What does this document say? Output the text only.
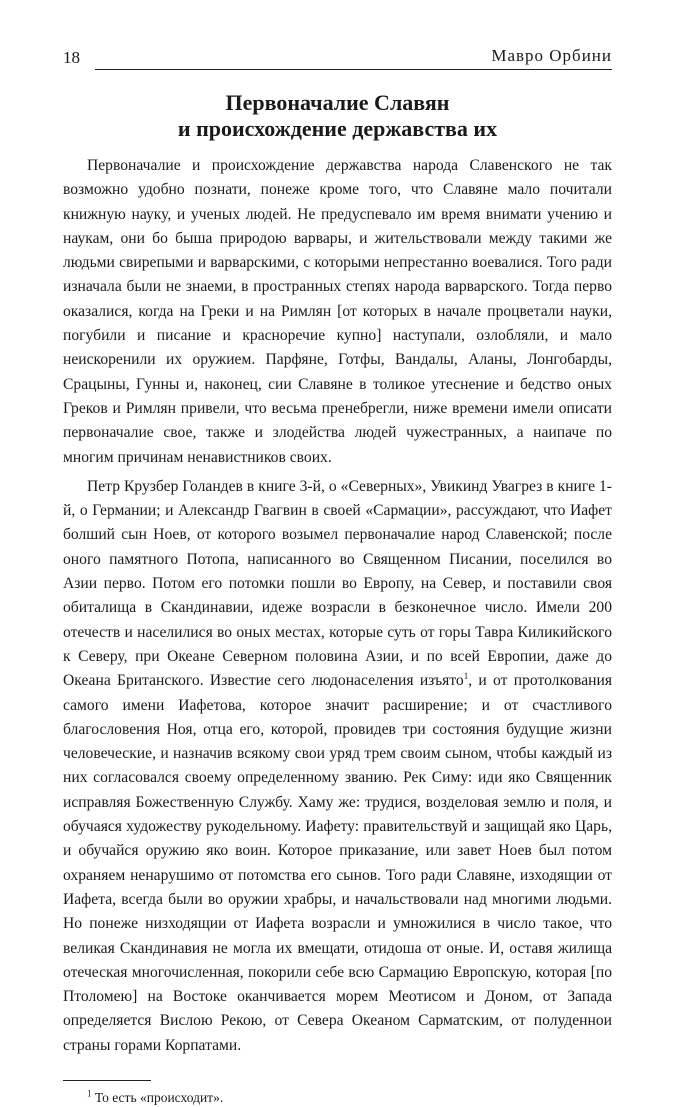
18	Мавро Орбини
Первоначалие Славян
и происхождение державства их

Первоначалие и происхождение державства народа Славенского не так возможно удобно познати, понеже кроме того, что Славяне мало почитали книжную науку, и ученых людей. Не предуспевало им время внимати учению и наукам, они бо быша природою варвары, и жительствовали между такими же людьми свирепыми и варварскими, с которыми непрестанно воевалися. Того ради изначала были не знаеми, в пространных степях народа варварского. Тогда перво оказалися, когда на Греки и на Римлян [от которых в начале процветали науки, погубили и писание и красноречие купно] наступали, озлобляли, и мало неискоренили их оружием. Парфяне, Готфы, Вандалы, Аланы, Лонгобарды, Срацыны, Гунны и, наконец, сии Славяне в толикое утеснение и бедство оных Греков и Римлян привели, что весьма пренебрегли, ниже времени имели описати первоначалие свое, также и злодейства людей чужестранных, а наипаче по многим причинам ненавистников своих.

Петр Крузбер Голандев в книге 3-й, о «Северных», Увикинд Увагрез в книге 1-й, о Германии; и Александр Гвагвин в своей «Сармации», рассуждают, что Иафет болший сын Ноев, от которого возымел первоначалие народ Славенской; после оного памятного Потопа, написанного во Священном Писании, поселился во Азии перво. Потом его потомки пошли во Европу, на Север, и поставили своя обиталища в Скандинавии, идеже возрасли в безконечное число. Имели 200 отечеств и населилися во оных местах, которые суть от горы Тавра Киликийского к Северу, при Океане Северном половина Азии, и по всей Европии, даже до Океана Британского. Известие сего людонаселения изъято$^1$, и от протолкования самого имени Иафетова, которое значит расширение; и от счастливого благословения Ноя, отца его, которой, провидев три состояния будущие жизни человеческие, и назначив всякому свои уряд трем своим сыном, чтобы каждый из них согласовался своему определенному званию. Рек Симу: иди яко Священник исправляя Божественную Службу. Хаму же: трудися, возделовая землю и поля, и обучаяся художеству рукодельному. Иафету: правительствуй и защищай яко Царь, и обучайся оружию яко воин. Которое приказание, или завет Ноев был потом охраняем ненарушимо от потомства его сынов. Того ради Славяне, изходящии от Иафета, всегда были во оружии храбры, и начальствовали над многими людьми. Но понеже низходящии от Иафета возрасли и умножилися в число такое, что великая Скандинавия не могла их вмещати, отидоша от оные. И, оставя жилища отеческая многочисленная, покорили себе всю Сармацию Европскую, которая [по Птоломею] на Востоке оканчивается морем Меотисом и Доном, от Запада определяется Вислою Рекою, от Севера Океаном Сарматским, от полуденнои страны горами Корпатами.

$^1$ То есть «происходит».
